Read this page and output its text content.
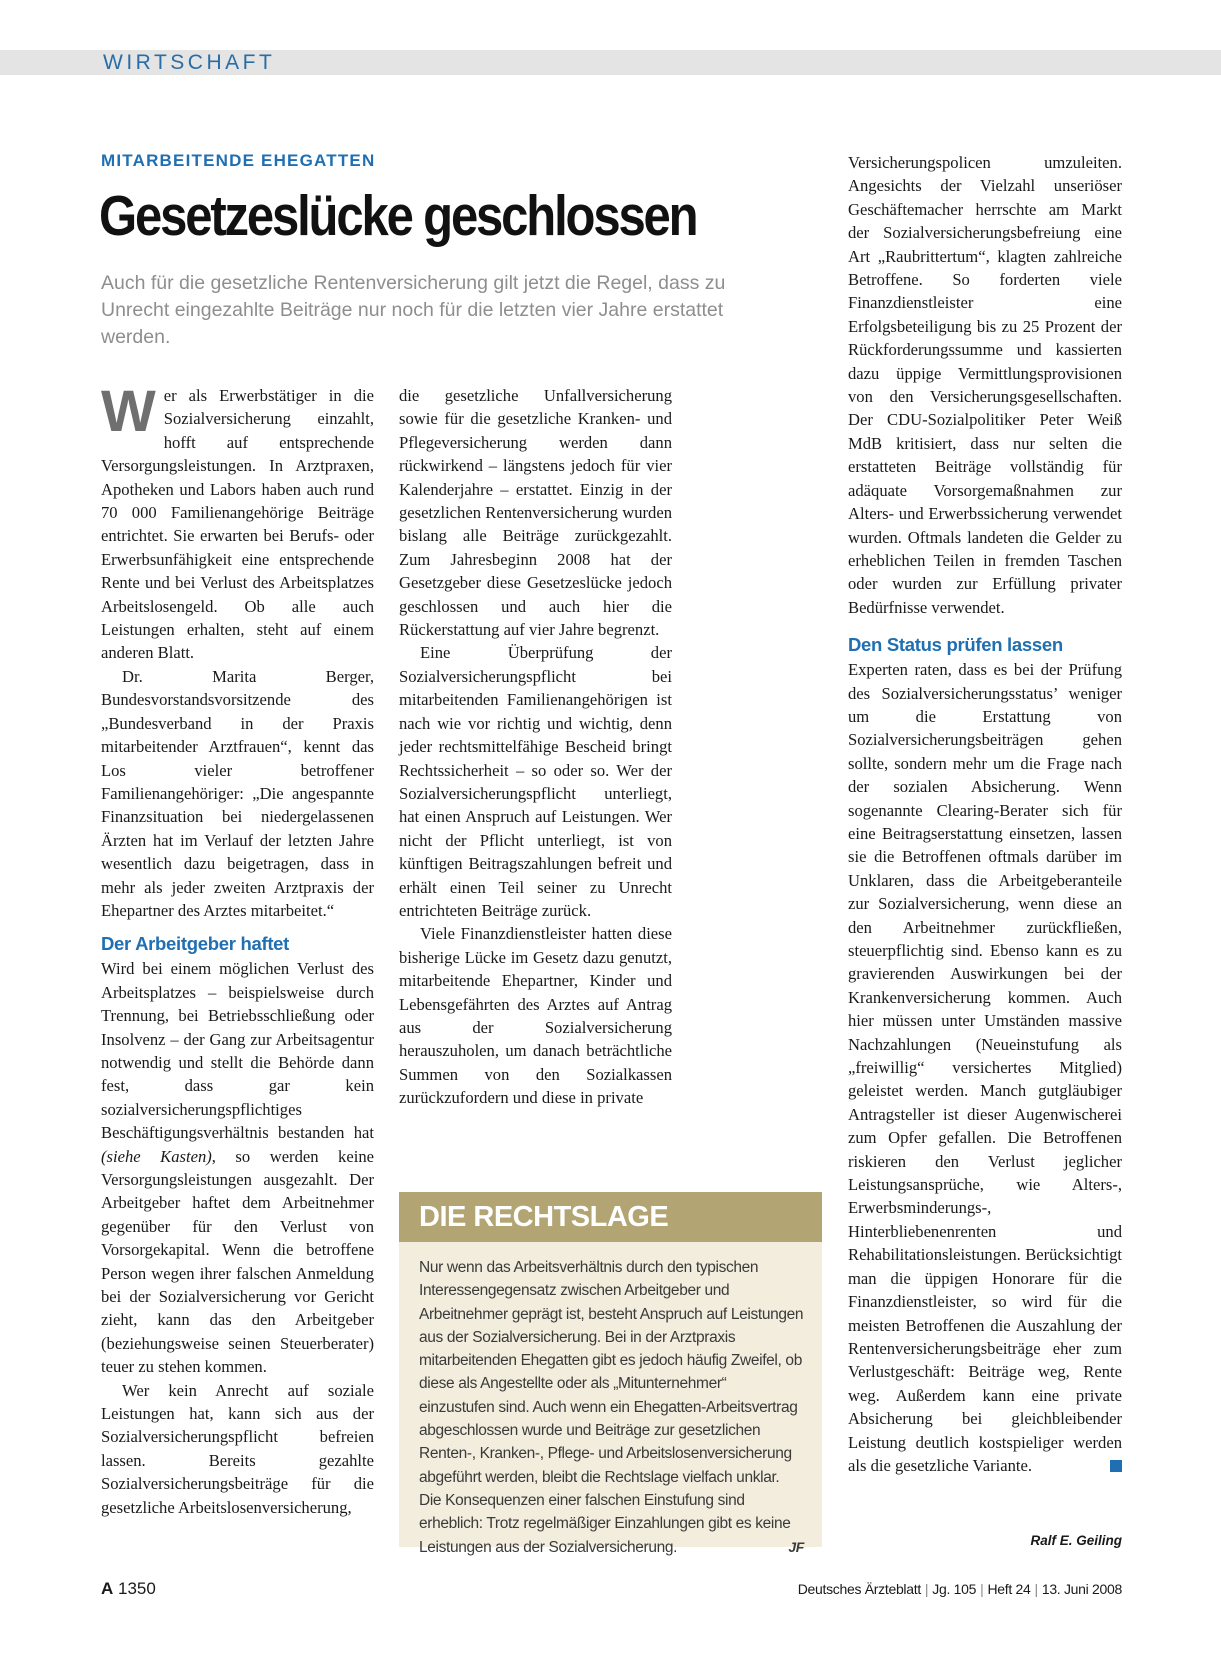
WIRTSCHAFT
MITARBEITENDE EHEGATTEN
Gesetzeslücke geschlossen
Auch für die gesetzliche Rentenversicherung gilt jetzt die Regel, dass zu Unrecht eingezahlte Beiträge nur noch für die letzten vier Jahre erstattet werden.

Wer als Erwerbstätiger in die Sozialversicherung einzahlt, hofft auf entsprechende Versorgungsleistungen. In Arztpraxen, Apotheken und Labors haben auch rund 70 000 Familienangehörige Beiträge entrichtet. Sie erwarten bei Berufs- oder Erwerbsunfähigkeit eine entsprechende Rente und bei Verlust des Arbeitsplatzes Arbeitslosengeld. Ob alle auch Leistungen erhalten, steht auf einem anderen Blatt.

Dr. Marita Berger, Bundesvorstandsvorsitzende des „Bundesverband in der Praxis mitarbeitender Arztfrauen“, kennt das Los vieler betroffener Familienangehöriger: „Die angespannte Finanzsituation bei niedergelassenen Ärzten hat im Verlauf der letzten Jahre wesentlich dazu beigetragen, dass in mehr als jeder zweiten Arztpraxis der Ehepartner des Arztes mitarbeitet.“

Der Arbeitgeber haftet

Wird bei einem möglichen Verlust des Arbeitsplatzes – beispielsweise durch Trennung, bei Betriebsschließung oder Insolvenz – der Gang zur Arbeitsagentur notwendig und stellt die Behörde dann fest, dass gar kein sozialversicherungspflichtiges Beschäftigungsverhältnis bestanden hat (siehe Kasten), so werden keine Versorgungsleistungen ausgezahlt. Der Arbeitgeber haftet dem Arbeitnehmer gegenüber für den Verlust von Vorsorgekapital. Wenn die betroffene Person wegen ihrer falschen Anmeldung bei der Sozialversicherung vor Gericht zieht, kann das den Arbeitgeber (beziehungsweise seinen Steuerberater) teuer zu stehen kommen.

Wer kein Anrecht auf soziale Leistungen hat, kann sich aus der Sozialversicherungspflicht befreien lassen. Bereits gezahlte Sozialversicherungsbeiträge für die gesetzliche Arbeitslosenversicherung,

die gesetzliche Unfallversicherung sowie für die gesetzliche Kranken- und Pflegeversicherung werden dann rückwirkend – längstens jedoch für vier Kalenderjahre – erstattet. Einzig in der gesetzlichen Rentenversicherung wurden bislang alle Beiträge zurückgezahlt. Zum Jahresbeginn 2008 hat der Gesetzgeber diese Gesetzeslücke jedoch geschlossen und auch hier die Rückerstattung auf vier Jahre begrenzt.

Eine Überprüfung der Sozialversicherungspflicht bei mitarbeitenden Familienangehörigen ist nach wie vor richtig und wichtig, denn jeder rechtsmittelfähige Bescheid bringt Rechtssicherheit – so oder so. Wer der Sozialversicherungspflicht unterliegt, hat einen Anspruch auf Leistungen. Wer nicht der Pflicht unterliegt, ist von künftigen Beitragszahlungen befreit und erhält einen Teil seiner zu Unrecht entrichteten Beiträge zurück.

Viele Finanzdienstleister hatten diese bisherige Lücke im Gesetz dazu genutzt, mitarbeitende Ehepartner, Kinder und Lebensgefährten des Arztes auf Antrag aus der Sozialversicherung herauszuholen, um danach beträchtliche Summen von den Sozialkassen zurückzufordern und diese in private

Versicherungspolicen umzuleiten. Angesichts der Vielzahl unseriöser Geschäftemacher herrschte am Markt der Sozialversicherungsbefreiung eine Art „Raubrittertum“, klagten zahlreiche Betroffene. So forderten viele Finanzdienstleister eine Erfolgsbeteiligung bis zu 25 Prozent der Rückforderungssumme und kassierten dazu üppige Vermittlungsprovisionen von den Versicherungsgesellschaften. Der CDU-Sozialpolitiker Peter Weiß MdB kritisiert, dass nur selten die erstatteten Beiträge vollständig für adäquate Vorsorgemaßnahmen zur Alters- und Erwerbssicherung verwendet wurden. Oftmals landeten die Gelder zu erheblichen Teilen in fremden Taschen oder wurden zur Erfüllung privater Bedürfnisse verwendet.

Den Status prüfen lassen

Experten raten, dass es bei der Prüfung des Sozialversicherungsstatus’ weniger um die Erstattung von Sozialversicherungsbeiträgen gehen sollte, sondern mehr um die Frage nach der sozialen Absicherung. Wenn sogenannte Clearing-Berater sich für eine Beitragserstattung einsetzen, lassen sie die Betroffenen oftmals darüber im Unklaren, dass die Arbeitgeberanteile zur Sozialversicherung, wenn diese an den Arbeitnehmer zurückfließen, steuerpflichtig sind. Ebenso kann es zu gravierenden Auswirkungen bei der Krankenversicherung kommen. Auch hier müssen unter Umständen massive Nachzahlungen (Neueinstufung als „freiwillig“ versichertes Mitglied) geleistet werden. Manch gutgläubiger Antragsteller ist dieser Augenwischerei zum Opfer gefallen. Die Betroffenen riskieren den Verlust jeglicher Leistungsansprüche, wie Alters-, Erwerbsminderungs-, Hinterbliebenenrenten und Rehabilitationsleistungen. Berücksichtigt man die üppigen Honorare für die Finanzdienstleister, so wird für die meisten Betroffenen die Auszahlung der Rentenversicherungsbeiträge eher zum Verlustgeschäft: Beiträge weg, Rente weg. Außerdem kann eine private Absicherung bei gleichbleibender Leistung deutlich kostspieliger werden als die gesetzliche Variante.

DIE RECHTSLAGE
Nur wenn das Arbeitsverhältnis durch den typischen Interessengegensatz zwischen Arbeitgeber und Arbeitnehmer geprägt ist, besteht Anspruch auf Leistungen aus der Sozialversicherung. Bei in der Arztpraxis mitarbeitenden Ehegatten gibt es jedoch häufig Zweifel, ob diese als Angestellte oder als „Mitunternehmer“ einzustufen sind. Auch wenn ein Ehegatten-Arbeitsvertrag abgeschlossen wurde und Beiträge zur gesetzlichen Renten-, Kranken-, Pflege- und Arbeitslosenversicherung abgeführt werden, bleibt die Rechtslage vielfach unklar. Die Konsequenzen einer falschen Einstufung sind erheblich: Trotz regelmäßiger Einzahlungen gibt es keine Leistungen aus der Sozialversicherung.	JF	Ralf E. Geiling
A 1350	Deutsches Ärzteblatt | Jg. 105 | Heft 24 | 13. Juni 2008
